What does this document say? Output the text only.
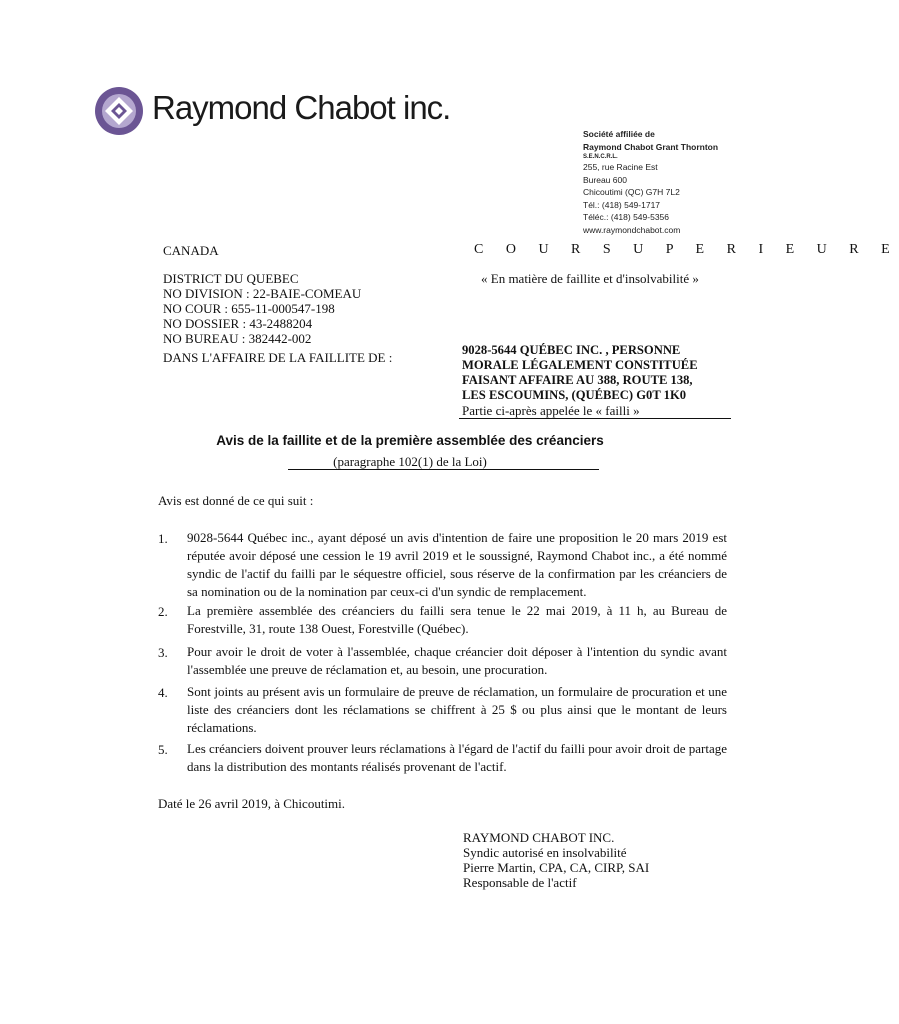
Raymond Chabot inc.
Société affiliée de
Raymond Chabot Grant Thornton
S.E.N.C.R.L.
255, rue Racine Est
Bureau 600
Chicoutimi (QC) G7H 7L2
Tél.: (418) 549-1717
Téléc.: (418) 549-5356
www.raymondchabot.com
CANADA	C O U R S U P E R I E U R E
DISTRICT DU QUEBEC	« En matière de faillite et d'insolvabilité »
NO DIVISION : 22-BAIE-COMEAU
NO COUR : 655-11-000547-198
NO DOSSIER : 43-2488204
NO BUREAU : 382442-002
DANS L'AFFAIRE DE LA FAILLITE DE :	9028-5644 QUÉBEC INC. , PERSONNE
MORALE LÉGALEMENT CONSTITUÉE
FAISANT AFFAIRE AU 388, ROUTE 138,
LES ESCOUMINS, (QUÉBEC) G0T 1K0
Partie ci-après appelée le « failli »
Avis de la faillite et de la première assemblée des créanciers
(paragraphe 102(1) de la Loi)
Avis est donné de ce qui suit :
1. 9028-5644 Québec inc., ayant déposé un avis d'intention de faire une proposition le 20 mars 2019 est réputée avoir déposé une cession le 19 avril 2019 et le soussigné, Raymond Chabot inc., a été nommé syndic de l'actif du failli par le séquestre officiel, sous réserve de la confirmation par les créanciers de sa nomination ou de la nomination par ceux-ci d'un syndic de remplacement.
2. La première assemblée des créanciers du failli sera tenue le 22 mai 2019, à 11 h, au Bureau de Forestville, 31, route 138 Ouest, Forestville (Québec).
3. Pour avoir le droit de voter à l'assemblée, chaque créancier doit déposer à l'intention du syndic avant l'assemblée une preuve de réclamation et, au besoin, une procuration.
4. Sont joints au présent avis un formulaire de preuve de réclamation, un formulaire de procuration et une liste des créanciers dont les réclamations se chiffrent à 25 $ ou plus ainsi que le montant de leurs réclamations.
5. Les créanciers doivent prouver leurs réclamations à l'égard de l'actif du failli pour avoir droit de partage dans la distribution des montants réalisés provenant de l'actif.
Daté le 26 avril 2019, à Chicoutimi.
RAYMOND CHABOT INC.
Syndic autorisé en insolvabilité
Pierre Martin, CPA, CA, CIRP, SAI
Responsable de l'actif
